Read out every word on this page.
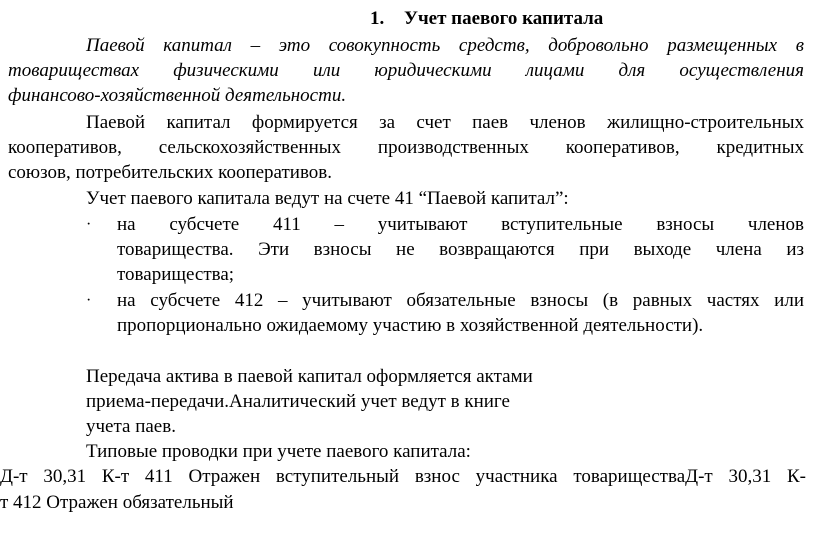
1. Учет паевого капитала
Паевой капитал – это совокупность средств, добровольно размещенных в
товариществах физическими или юридическими лицами для осуществления
финансово-хозяйственной деятельности.
Паевой капитал формируется за счет паев членов жилищно-строительных
кооперативов, сельскохозяйственных производственных кооперативов, кредитных
союзов, потребительских кооперативов.
Учет паевого капитала ведут на счете 41 “Паевой капитал”:
· на субсчете 411 – учитывают вступительные взносы членов
товарищества. Эти взносы не возвращаются при выходе члена из
товарищества;
· на субсчете 412 – учитывают обязательные взносы (в равных частях или
пропорционально ожидаемому участию в хозяйственной деятельности).
Передача актива в паевой капитал оформляется актами
приема-передачи.Аналитический учет ведут в книге
учета паев.
Типовые проводки при учете паевого капитала:
Д-т 30,31 К-т 411 Отражен вступительный взнос участника товариществаД-т 30,31 К-
т 412 Отражен обязательный
